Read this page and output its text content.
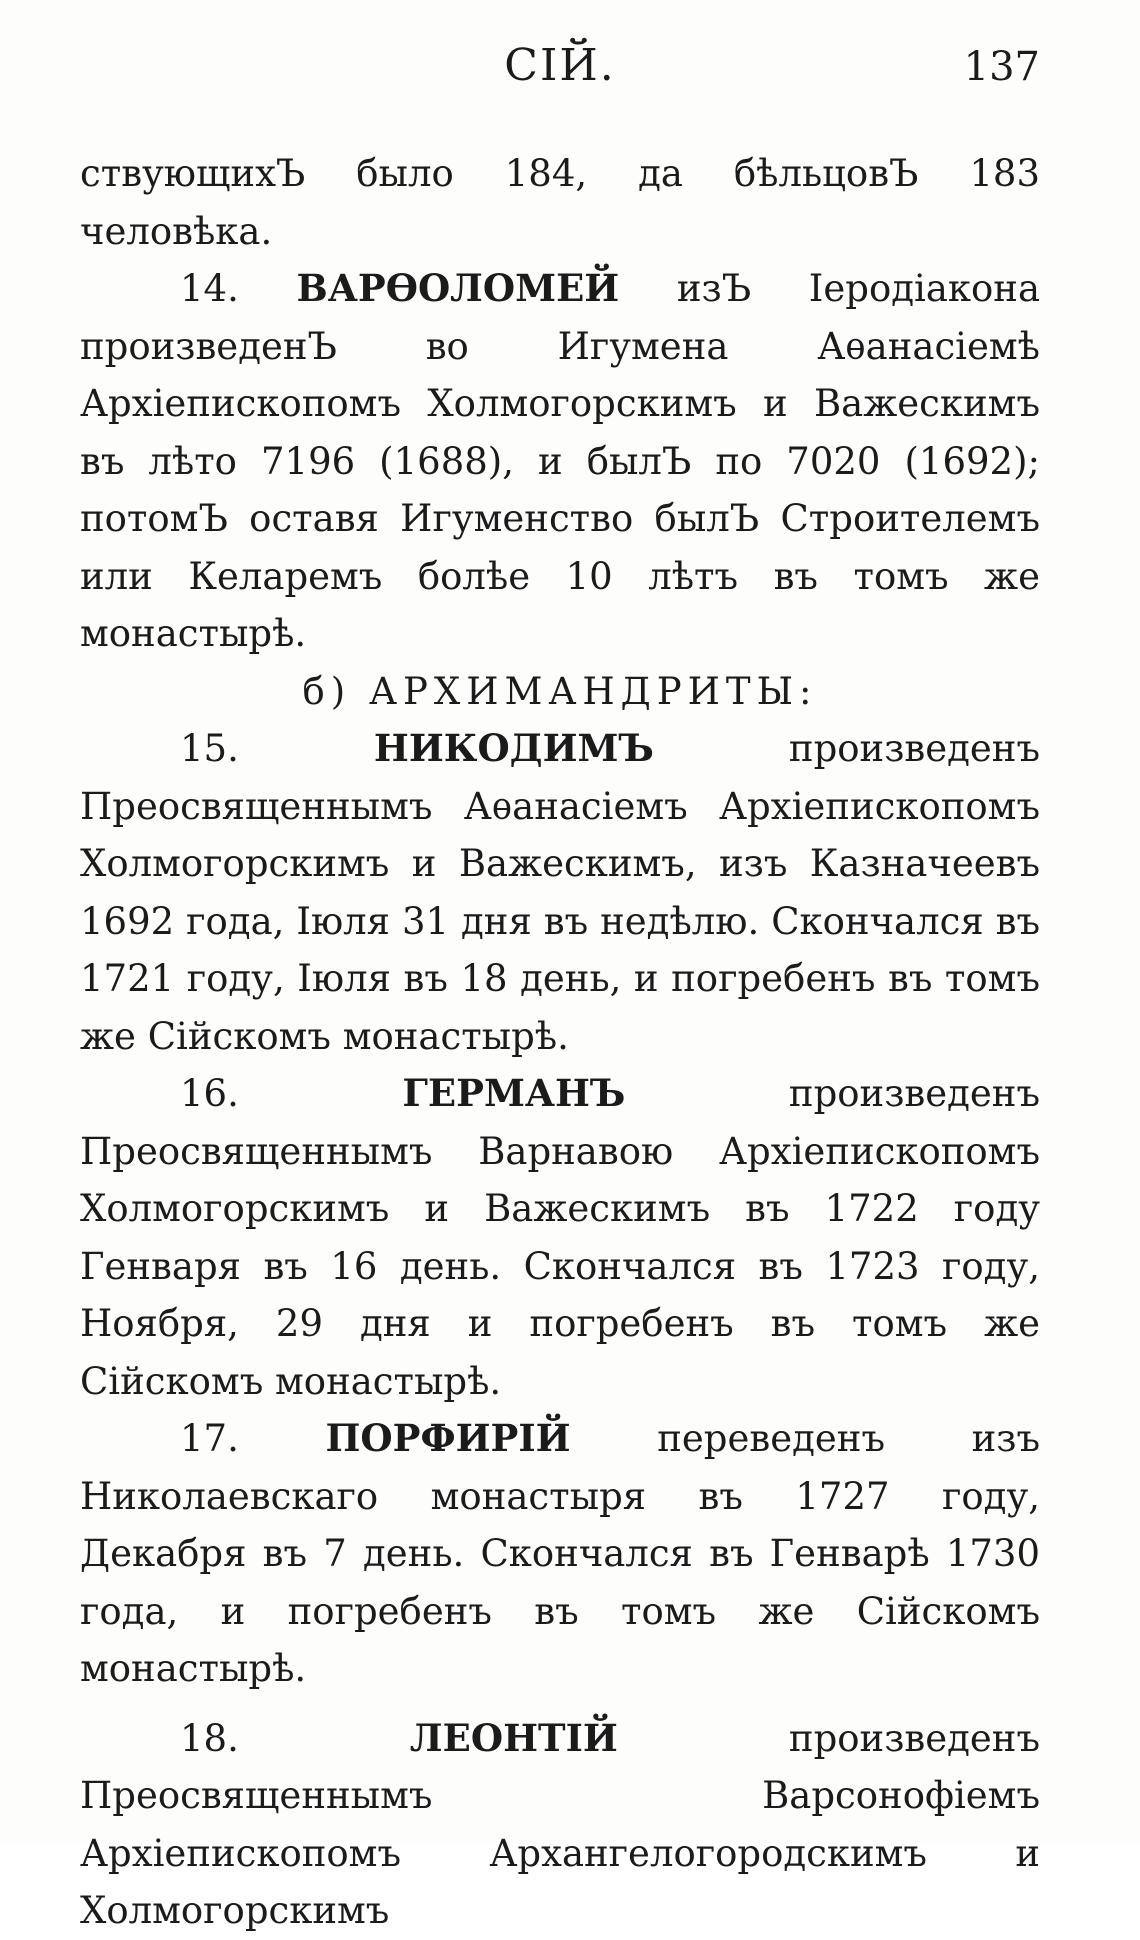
СІЙ.	137

ствующихЪ было 184, да бѣльцовЪ 183 человѣка.

14. ВАРѲОЛОМЕЙ изЪ Іеродіакона произведенЪ во Игумена Аѳанасіемѣ Архіепископомъ Холмогорскимъ и Важескимъ въ лѣто 7196 (1688), и былЪ по 7020 (1692); потомЪ оставя Игуменство былЪ Строителемъ или Келаремъ болѣе 10 лѣтъ въ томъ же монастырѣ.

б) АРХИМАНДРИТЫ:

15.	НИКОДИМЪ	произведенъ Преосвященнымъ Аѳанасіемъ Архіепископомъ Холмогорскимъ и Важескимъ, изъ Казначеевъ 1692 года, Іюля 31 дня въ недѣлю. Скончался въ 1721 году, Іюля въ 18 день, и погребенъ въ томъ же Сійскомъ монастырѣ.

16.	ГЕРМАНЪ	произведенъ Преосвященнымъ Варнавою Архіепископомъ Холмогорскимъ и Важескимъ въ 1722 году Генваря въ 16 день. Скончался въ 1723 году, Ноября, 29 дня и погребенъ въ томъ же Сійскомъ монастырѣ.

17. ПОРФИРІЙ переведенъ изъ Николаевскаго монастыря въ 1727 году, Декабря въ 7 день. Скончался въ Генварѣ 1730 года, и погребенъ въ томъ же Сійскомъ монастырѣ.

18.	ЛЕОНТІЙ	произведенъ Преосвященнымъ Варсонофіемъ Архіепископомъ Архангелогородскимъ и Холмогорскимъ
